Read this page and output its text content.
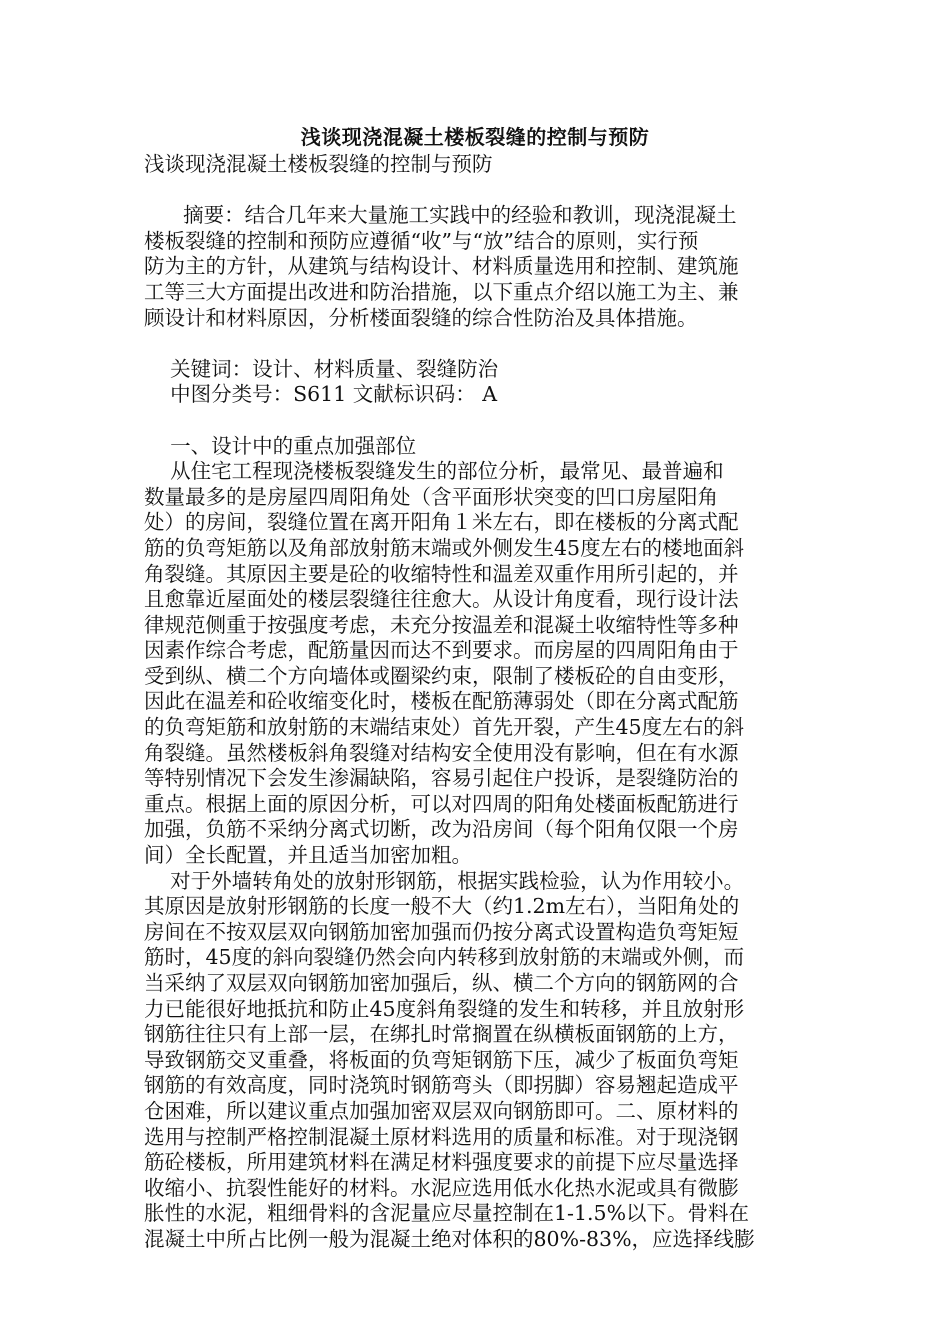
浅谈现浇混凝土楼板裂缝的控制与预防
浅谈现浇混凝土楼板裂缝的控制与预防
摘要：结合几年来大量施工实践中的经验和教训，现浇混凝土
楼板裂缝的控制和预防应遵循“收”与“放”结合的原则，实行预
防为主的方针，从建筑与结构设计、材料质量选用和控制、建筑施
工等三大方面提出改进和防治措施，以下重点介绍以施工为主、兼
顾设计和材料原因，分析楼面裂缝的综合性防治及具体措施。
关键词：设计、材料质量、裂缝防治
中图分类号：S611 文献标识码： A
一、设计中的重点加强部位
从住宅工程现浇楼板裂缝发生的部位分析，最常见、最普遍和
数量最多的是房屋四周阳角处（含平面形状突变的凹口房屋阳角
处）的房间，裂缝位置在离开阳角１米左右，即在楼板的分离式配
筋的负弯矩筋以及角部放射筋末端或外侧发生45度左右的楼地面斜
角裂缝。其原因主要是砼的收缩特性和温差双重作用所引起的，并
且愈靠近屋面处的楼层裂缝往往愈大。从设计角度看，现行设计法
律规范侧重于按强度考虑，未充分按温差和混凝土收缩特性等多种
因素作综合考虑，配筋量因而达不到要求。而房屋的四周阳角由于
受到纵、横二个方向墙体或圈梁约束，限制了楼板砼的自由变形，
因此在温差和砼收缩变化时，楼板在配筋薄弱处（即在分离式配筋
的负弯矩筋和放射筋的末端结束处）首先开裂，产生45度左右的斜
角裂缝。虽然楼板斜角裂缝对结构安全使用没有影响，但在有水源
等特别情况下会发生渗漏缺陷，容易引起住户投诉，是裂缝防治的
重点。根据上面的原因分析，可以对四周的阳角处楼面板配筋进行
加强，负筋不采纳分离式切断，改为沿房间（每个阳角仅限一个房
间）全长配置，并且适当加密加粗。
对于外墙转角处的放射形钢筋，根据实践检验，认为作用较小。
其原因是放射形钢筋的长度一般不大（约1.2m左右），当阳角处的
房间在不按双层双向钢筋加密加强而仍按分离式设置构造负弯矩短
筋时，45度的斜向裂缝仍然会向内转移到放射筋的末端或外侧，而
当采纳了双层双向钢筋加密加强后，纵、横二个方向的钢筋网的合
力已能很好地抵抗和防止45度斜角裂缝的发生和转移，并且放射形
钢筋往往只有上部一层，在绑扎时常搁置在纵横板面钢筋的上方，
导致钢筋交叉重叠，将板面的负弯矩钢筋下压，减少了板面负弯矩
钢筋的有效高度，同时浇筑时钢筋弯头（即拐脚）容易翘起造成平
仓困难，所以建议重点加强加密双层双向钢筋即可。二、原材料的
选用与控制严格控制混凝土原材料选用的质量和标准。对于现浇钢
筋砼楼板，所用建筑材料在满足材料强度要求的前提下应尽量选择
收缩小、抗裂性能好的材料。水泥应选用低水化热水泥或具有微膨
胀性的水泥，粗细骨料的含泥量应尽量控制在1-1.5%以下。骨料在
混凝土中所占比例一般为混凝土绝对体积的80%-83%，应选择线膨
